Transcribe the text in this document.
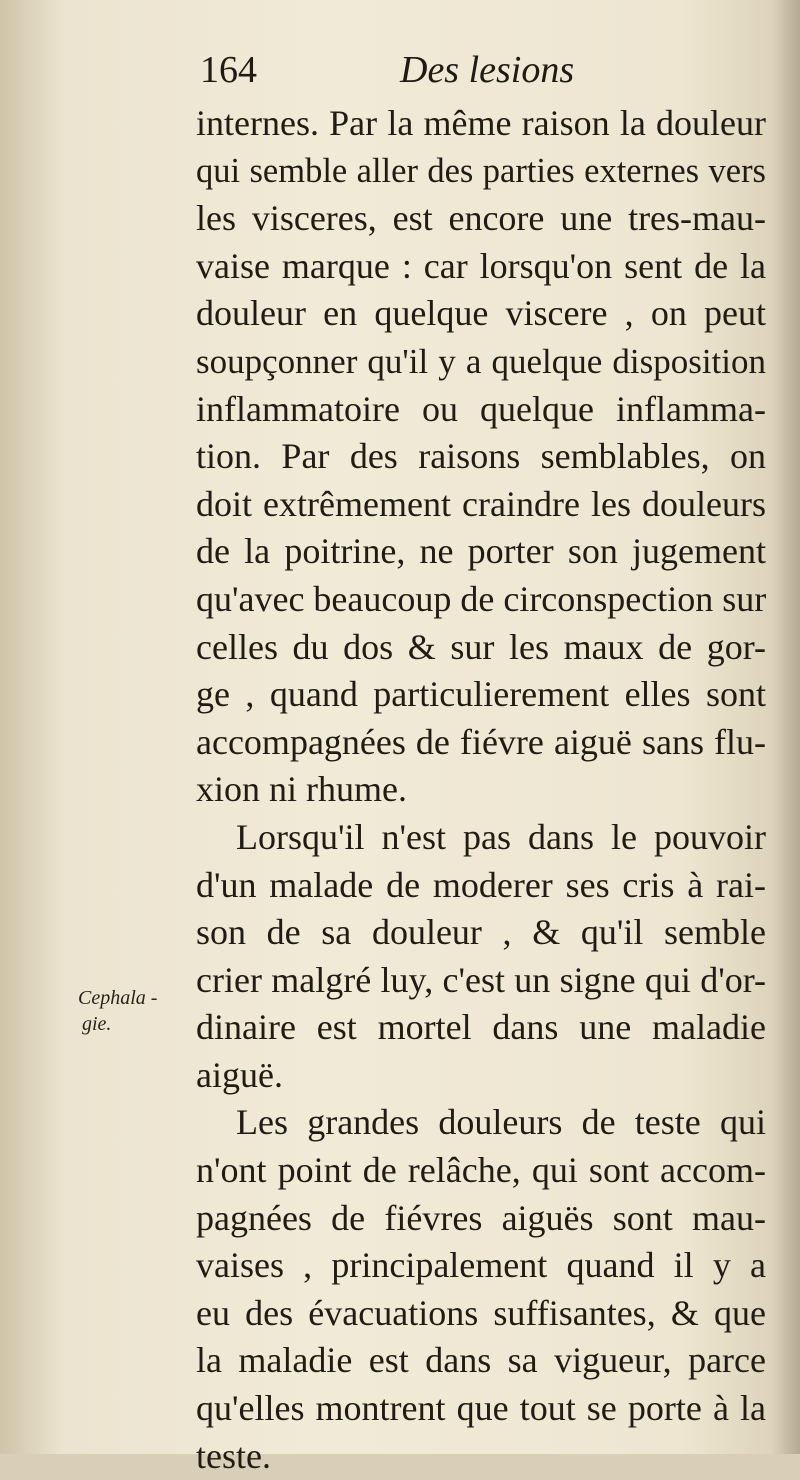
164	Des lesions
Cephala -
gie.
internes. Par la même raison la douleur
qui semble aller des parties externes vers
les visceres, est encore une tres-mau-
vaise marque : car lorsqu'on sent de la
douleur en quelque viscere , on peut
soupçonner qu'il y a quelque disposition
inflammatoire ou quelque inflamma-
tion. Par des raisons semblables, on
doit extrêmement craindre les douleurs
de la poitrine, ne porter son jugement
qu'avec beaucoup de circonspection sur
celles du dos & sur les maux de gor-
ge , quand particulierement elles sont
accompagnées de fiévre aiguë sans flu-
xion ni rhume.
Lorsqu'il n'est pas dans le pouvoir
d'un malade de moderer ses cris à rai-
son de sa douleur , & qu'il semble
crier malgré luy, c'est un signe qui d'or-
dinaire est mortel dans une maladie
aiguë.
Les grandes douleurs de teste qui
n'ont point de relâche, qui sont accom-
pagnées de fiévres aiguës sont mau-
vaises , principalement quand il y a
eu des évacuations suffisantes, & que
la maladie est dans sa vigueur, parce
qu'elles montrent que tout se porte à la
teste.
